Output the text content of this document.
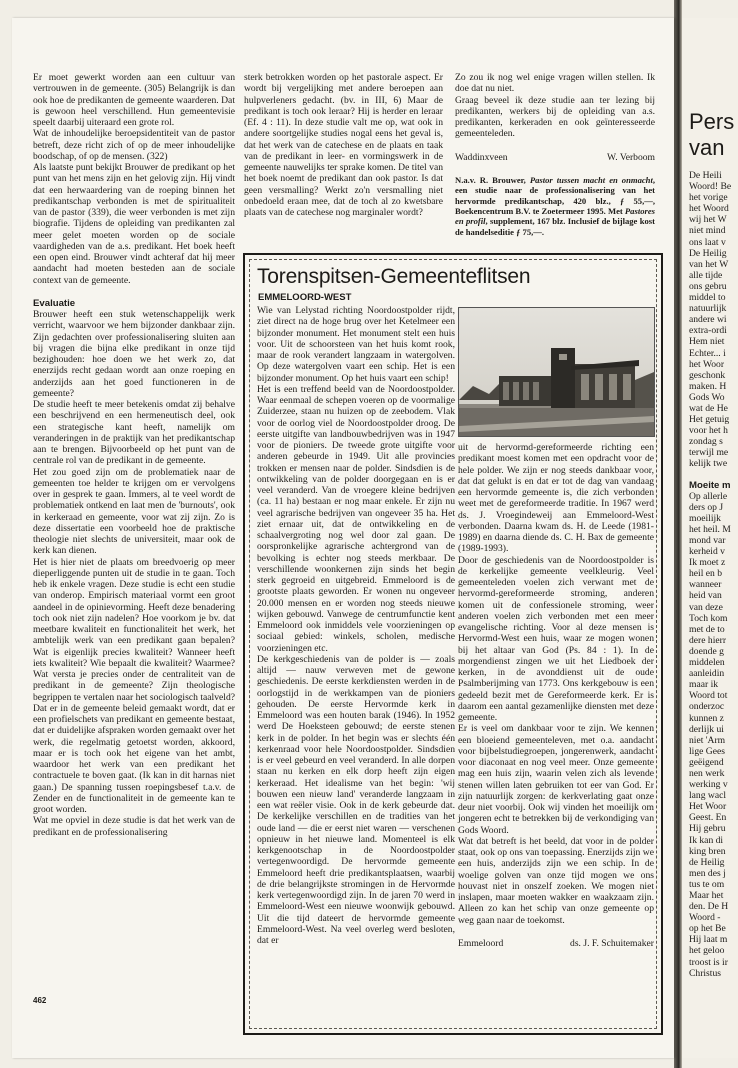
Er moet gewerkt worden aan een cultuur van vertrouwen in de gemeente. (305) Belangrijk is dan ook hoe de predikanten de gemeente waarderen. Dat is gewoon heel verschillend. Hun gemeentevisie speelt daarbij uiteraard een grote rol.

Wat de inhoudelijke beroepsidentiteit van de pastor betreft, deze richt zich of op de meer inhoudelijke boodschap, of op de mensen. (322)

Als laatste punt bekijkt Brouwer de predikant op het punt van het mens zijn en het gelovig zijn. Hij vindt dat een herwaardering van de roeping binnen het predikantschap verbonden is met de spiritualiteit van de pastor (339), die weer verbonden is met zijn biografie. Tijdens de opleiding van predikanten zal meer gelet moeten worden op de sociale vaardigheden van de a.s. predikant. Het boek heeft een open eind. Brouwer vindt achteraf dat hij meer aandacht had moeten besteden aan de sociale context van de gemeente.

Evaluatie

Brouwer heeft een stuk wetenschappelijk werk verricht, waarvoor we hem bijzonder dankbaar zijn. Zijn gedachten over professionalisering sluiten aan bij vragen die bijna elke predikant in onze tijd bezighouden: hoe doen we het werk zo, dat enerzijds recht gedaan wordt aan onze roeping en anderzijds aan het goed functioneren in de gemeente?

De studie heeft te meer betekenis omdat zij behalve een beschrijvend en een hermeneutisch deel, ook een strategische kant heeft, namelijk om veranderingen in de praktijk van het predikantschap aan te brengen. Bijvoorbeeld op het punt van de centrale rol van de predikant in de gemeente.

Het zou goed zijn om de problematiek naar de gemeenten toe helder te krijgen om er vervolgens over in gesprek te gaan. Immers, al te veel wordt de problematiek ontkend en laat men de 'burnouts', ook in kerkeraad en gemeente, voor wat zij zijn. Zo is deze dissertatie een voorbeeld hoe de praktische theologie niet slechts de universiteit, maar ook de kerk kan dienen.

Het is hier niet de plaats om breedvoerig op meer dieperliggende punten uit de studie in te gaan. Toch heb ik enkele vragen. Deze studie is echt een studie van onderop. Empirisch materiaal vormt een groot aandeel in de opinievorming. Heeft deze benadering toch ook niet zijn nadelen? Hoe voorkom je bv. dat meetbare kwaliteit en functionaliteit het werk, het ambtelijk werk van een predikant gaan bepalen? Wat is eigenlijk precies kwaliteit? Wanneer heeft iets kwaliteit? Wie bepaalt die kwaliteit? Waarmee? Wat versta je precies onder de centraliteit van de predikant in de gemeente? Zijn theologische begrippen te vertalen naar het sociologisch taalveld? Dat er in de gemeente beleid gemaakt wordt, dat er een profielschets van predikant en gemeente bestaat, dat er duidelijke afspraken worden gemaakt over het werk, die regelmatig getoetst worden, akkoord, maar er is toch ook het eigene van het ambt, waardoor het werk van een predikant het contractuele te boven gaat. (Ik kan in dit harnas niet gaan.) De spanning tussen roepingsbesef t.a.v. de Zender en de functionaliteit in de gemeente kan te groot worden.

Wat me opviel in deze studie is dat het werk van de predikant en de professionalisering

sterk betrokken worden op het pastorale aspect. Er wordt bij vergelijking met andere beroepen aan hulpverleners gedacht. (bv. in III, 6) Maar de predikant is toch ook leraar? Hij is herder en leraar (Ef. 4 : 11). In deze studie valt me op, wat ook in andere soortgelijke studies nogal eens het geval is, dat het werk van de catechese en de plaats en taak van de predikant in leer- en vormingswerk in de gemeente nauwelijks ter sprake komen. De titel van het boek noemt de predikant dan ook pastor. Is dat geen versmalling? Werkt zo'n versmalling niet onbedoeld eraan mee, dat de toch al zo kwetsbare plaats van de catechese nog marginaler wordt?

Zo zou ik nog wel enige vragen willen stellen. Ik doe dat nu niet.

Graag beveel ik deze studie aan ter lezing bij predikanten, werkers bij de opleiding van a.s. predikanten, kerkeraden en ook geïnteresseerde gemeenteleden.

Waddinxveen	W. Verboom
N.a.v. R. Brouwer, Pastor tussen macht en onmacht, een studie naar de professionalisering van het hervormde predikantschap, 420 blz., ƒ 55,—, Boekencentrum B.V. te Zoetermeer 1995. Met Pastores en profil, supplement, 167 blz. Inclusief de bijlage kost de handelseditie ƒ 75,—.
Torenspitsen-Gemeenteflitsen
EMMELOORD-WEST

Wie van Lelystad richting Noordoostpolder rijdt, ziet direct na de hoge brug over het Ketelmeer een bijzonder monument. Het monument stelt een huis voor. Uit de schoorsteen van het huis komt rook, maar de rook verandert langzaam in watergolven. Op deze watergolven vaart een schip. Het is een bijzonder monument. Op het huis vaart een schip!

Het is een treffend beeld van de Noordoostpolder. Waar eenmaal de schepen voeren op de voormalige Zuiderzee, staan nu huizen op de zeebodem. Vlak voor de oorlog viel de Noordoostpolder droog. De eerste uitgifte van landbouwbedrijven was in 1947 voor de pioniers. De tweede grote uitgifte voor anderen gebeurde in 1949. Uit alle provincies trokken er mensen naar de polder. Sindsdien is de ontwikkeling van de polder doorgegaan en is er veel veranderd. Van de vroegere kleine bedrijven (ca. 11 ha) bestaan er nog maar enkele. Er zijn nu veel agrarische bedrijven van ongeveer 35 ha. Het ziet ernaar uit, dat de ontwikkeling en de schaalvergroting nog wel door zal gaan. De oorspronkelijke agrarische achtergrond van de bevolking is echter nog steeds merkbaar. De verschillende woonkernen zijn sinds het begin sterk gegroeid en uitgebreid. Emmeloord is de grootste plaats geworden. Er wonen nu ongeveer 20.000 mensen en er worden nog steeds nieuwe wijken gebouwd. Vanwege de centrumfunctie kent Emmeloord ook inmiddels vele voorzieningen op sociaal gebied: winkels, scholen, medische voorzieningen etc.

De kerkgeschiedenis van de polder is — zoals altijd — nauw verweven met de gewone geschiedenis. De eerste kerkdiensten werden in de oorlogstijd in de werkkampen van de pioniers gehouden. De eerste Hervormde kerk in Emmeloord was een houten barak (1946). In 1952 werd De Hoeksteen gebouwd; de eerste stenen kerk in de polder. In het begin was er slechts één kerkenraad voor hele Noordoostpolder. Sindsdien is er veel gebeurd en veel veranderd. In alle dorpen staan nu kerken en elk dorp heeft zijn eigen kerkeraad. Het idealisme van het begin: 'wij bouwen een nieuw land' veranderde langzaam in een wat reëler visie. Ook in de kerk gebeurde dat. De kerkelijke verschillen en de tradities van het oude land — die er eerst niet waren — verschenen opnieuw in het nieuwe land. Momenteel is elk kerkgenootschap in de Noordoostpolder vertegenwoordigd. De hervormde gemeente Emmeloord heeft drie predikantsplaatsen, waarbij de drie belangrijkste stromingen in de Hervormde kerk vertegenwoordigd zijn. In de jaren 70 werd in Emmeloord-West een nieuwe woonwijk gebouwd. Uit die tijd dateert de hervormde gemeente Emmeloord-West. Na veel overleg werd besloten, dat er

uit de hervormd-gereformeerde richting een predikant moest komen met een opdracht voor de hele polder. We zijn er nog steeds dankbaar voor, dat dat gelukt is en dat er tot de dag van vandaag een hervormde gemeente is, die zich verbonden weet met de gereformeerde traditie. In 1967 werd ds. J. Vroegindeweij aan Emmeloord-West verbonden. Daarna kwam ds. H. de Leede (1981-1989) en daarna diende ds. C. H. Bax de gemeente (1989-1993).

Door de geschiedenis van de Noordoostpolder is de kerkelijke gemeente veelkleurig. Veel gemeenteleden voelen zich verwant met de hervormd-gereformeerde stroming, anderen komen uit de confessionele stroming, weer anderen voelen zich verbonden met een meer evangelische richting. Voor al deze mensen is Hervormd-West een huis, waar ze mogen wonen bij het altaar van God (Ps. 84 : 1). In de morgendienst zingen we uit het Liedboek der kerken, in de avonddienst uit de oude Psalmberijming van 1773. Ons kerkgebouw is een gedeeld bezit met de Gereformeerde kerk. Er is daarom een aantal gezamenlijke diensten met deze gemeente.

Er is veel om dankbaar voor te zijn. We kennen een bloeiend gemeenteleven, met o.a. aandacht voor bijbelstudiegroepen, jongerenwerk, aandacht voor diaconaat en nog veel meer. Onze gemeente mag een huis zijn, waarin velen zich als levende stenen willen laten gebruiken tot eer van God. Er zijn natuurlijk zorgen: de kerkverlating gaat onze deur niet voorbij. Ook wij vinden het moeilijk om jongeren echt te betrekken bij de verkondiging van Gods Woord.

Wat dat betreft is het beeld, dat voor in de polder staat, ook op ons van toepassing. Enerzijds zijn we een huis, anderzijds zijn we een schip. In de woelige golven van onze tijd mogen we ons houvast niet in onszelf zoeken. We mogen niet inslapen, maar moeten wakker en waakzaam zijn. Alleen zo kan het schip van onze gemeente op weg gaan naar de toekomst.

Emmeloord	ds. J. F. Schuitemaker
462
Pers
van
De Heili
Woord! Be
het vorige
het Woord
wij het W
niet mind
ons laat v
De Heilig
van het W
alle tijde
ons gebru
middel to
natuurlijk
andere wi
extra-ordi
Hem niet
Echter... i
het Woor
geschonk
maken. H
Gods Wo
wat de He
Het getuig
voor het h
zondag s
terwijl me
kelijk twe
Moeite m
Op allerle
ders op J
moeilijk
het heil. M
mond var
kerheid v
Ik moet z
heil en b
wanneer
heid van
van deze
Toch kom
met de to
dere hierr
doende g
middelen
aanleidin
maar ik
Woord tot
onderzoc
kunnen z
derlijk ui
niet 'Arm
lige Gees
geëigend
nen werk
werking v
lang wacl
Het Woor
Geest. En
Hij gebru
Ik kan di
king bren
de Heilig
men des j
tus te om
Maar het
den. De H
Woord -
op het Be
Hij laat m
het geloo
troost is ir
Christus
